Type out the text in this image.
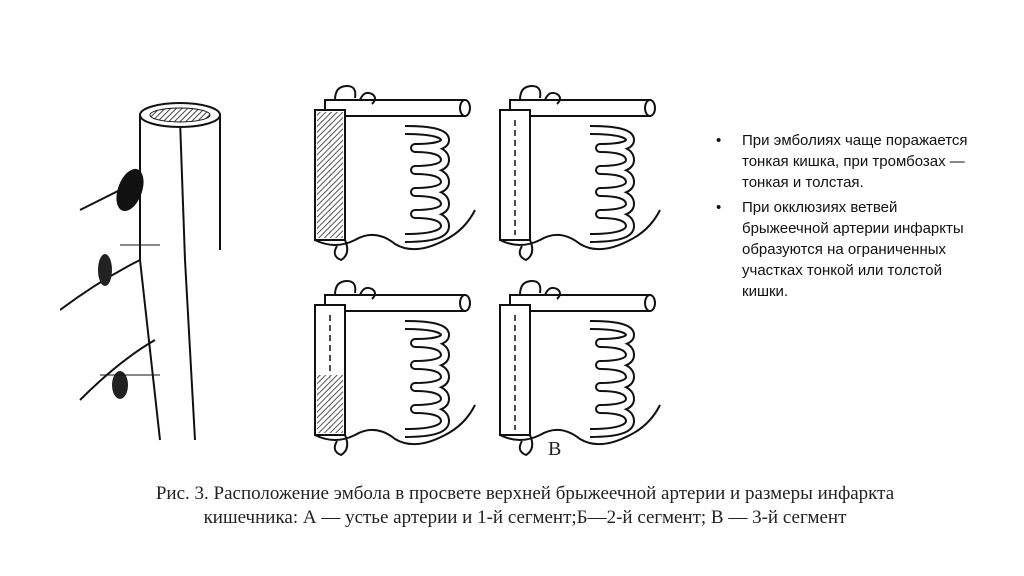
В
• При эмболиях чаще поражается тонкая кишка, при тромбозах — тонкая и толстая.
• При окклюзиях ветвей брыжеечной артерии инфаркты образуются на ограниченных участках тонкой или толстой кишки.
Рис. 3. Расположение эмбола в просвете верхней брыжеечной артерии и размеры инфаркта
кишечника: А — устье артерии и 1-й сегмент;Б—2-й сегмент; В — 3-й сегмент
